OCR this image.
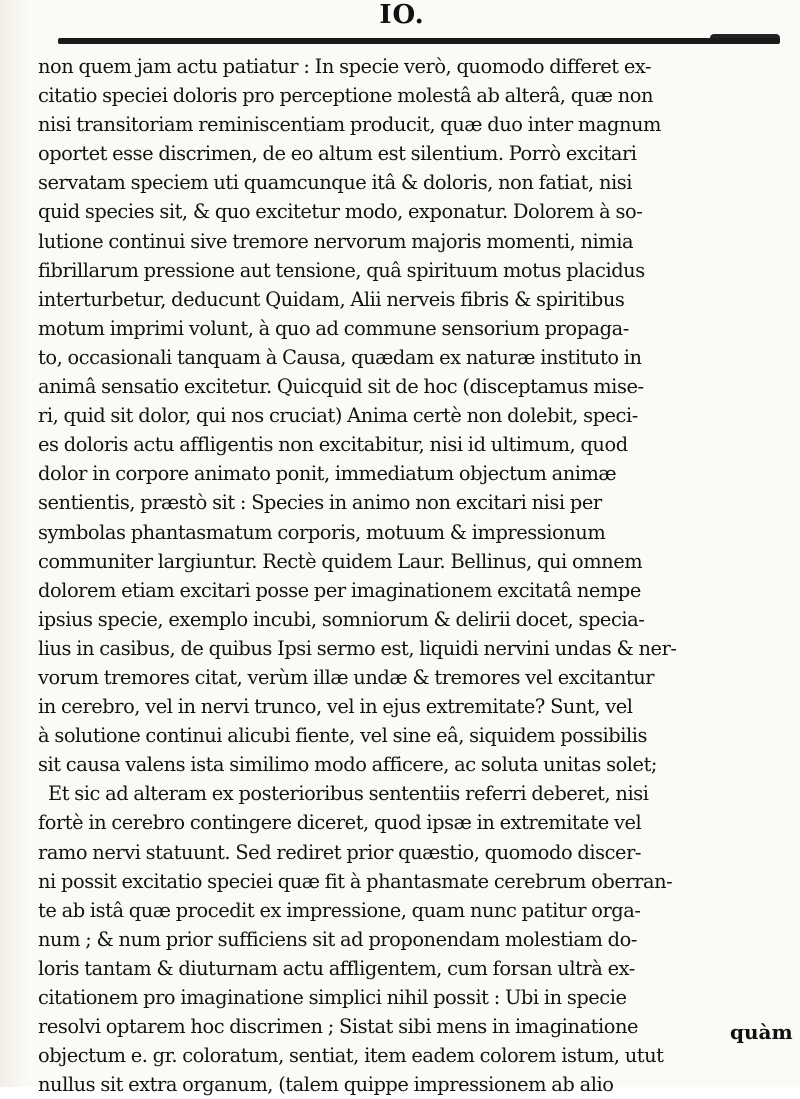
IO.
non quem jam actu patiatur : In specie verò, quomodo differet ex-
citatio speciei doloris pro perceptione molestâ ab alterâ, quæ non
nisi transitoriam reminiscentiam producit, quæ duo inter magnum
oportet esse discrimen, de eo altum est silentium. Porrò excitari
servatam speciem uti quamcunque itâ & doloris, non fatiat, nisi
quid species sit, & quo excitetur modo, exponatur. Dolorem à so-
lutione continui sive tremore nervorum majoris momenti, nimia
fibrillarum pressione aut tensione, quâ spirituum motus placidus
interturbetur, deducunt Quidam, Alii nerveis fibris & spiritibus
motum imprimi volunt, à quo ad commune sensorium propaga-
to, occasionali tanquam à Causa, quædam ex naturæ instituto in
animâ sensatio excitetur. Quicquid sit de hoc (disceptamus mise-
ri, quid sit dolor, qui nos cruciat) Anima certè non dolebit, speci-
es doloris actu affligentis non excitabitur, nisi id ultimum, quod
dolor in corpore animato ponit, immediatum objectum animæ
sentientis, præstò sit : Species in animo non excitari nisi per
symbolas phantasmatum corporis, motuum & impressionum
communiter largiuntur. Rectè quidem Laur. Bellinus, qui omnem
dolorem etiam excitari posse per imaginationem excitatâ nempe
ipsius specie, exemplo incubi, somniorum & delirii docet, specia-
lius in casibus, de quibus Ipsi sermo est, liquidi nervini undas & ner-
vorum tremores citat, verùm illæ undæ & tremores vel excitantur
in cerebro, vel in nervi trunco, vel in ejus extremitate? Sunt, vel
à solutione continui alicubi fiente, vel sine eâ, siquidem possibilis
sit causa valens ista similimo modo afficere, ac soluta unitas solet;
Et sic ad alteram ex posterioribus sententiis referri deberet, nisi
fortè in cerebro contingere diceret, quod ipsæ in extremitate vel
ramo nervi statuunt. Sed rediret prior quæstio, quomodo discer-
ni possit excitatio speciei quæ fit à phantasmate cerebrum oberran-
te ab istâ quæ procedit ex impressione, quam nunc patitur orga-
num ; & num prior sufficiens sit ad proponendam molestiam do-
loris tantam & diuturnam actu affligentem, cum forsan ultrà ex-
citationem pro imaginatione simplici nihil possit : Ubi in specie
resolvi optarem hoc discrimen ; Sistat sibi mens in imaginatione
objectum e. gr. coloratum, sentiat, item eadem colorem istum, utut
nullus sit extra organum, (talem quippe impressionem ab alio
quàm
